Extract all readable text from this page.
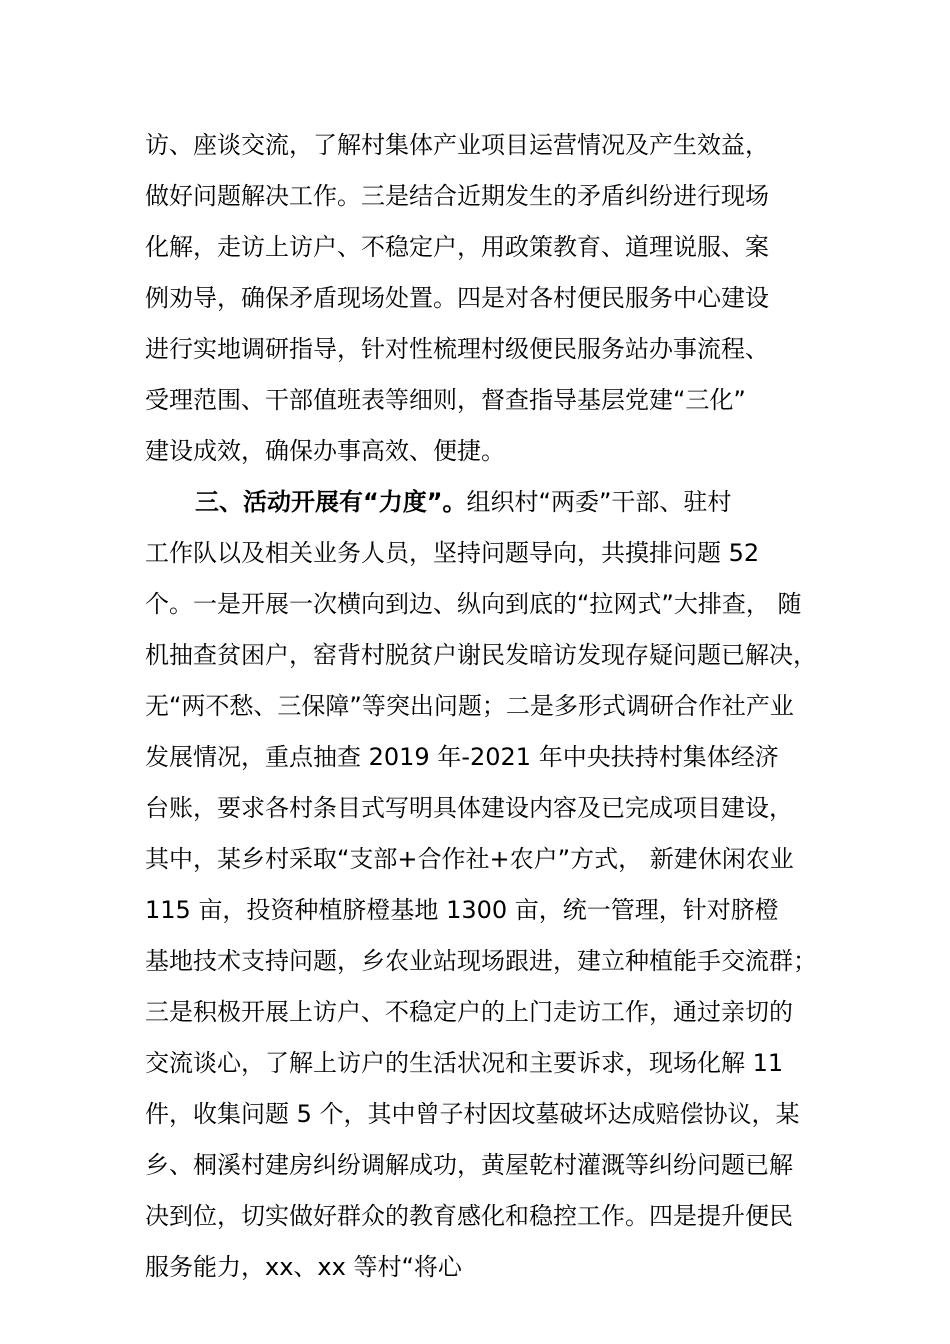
访、座谈交流，了解村集体产业项目运营情况及产生效益，
做好问题解决工作。三是结合近期发生的矛盾纠纷进行现场
化解，走访上访户、不稳定户，用政策教育、道理说服、案
例劝导，确保矛盾现场处置。四是对各村便民服务中心建设
进行实地调研指导，针对性梳理村级便民服务站办事流程、
受理范围、干部值班表等细则，督查指导基层党建“三化”
建设成效，确保办事高效、便捷。
三、活动开展有“力度”。组织村“两委”干部、驻村
工作队以及相关业务人员，坚持问题导向，共摸排问题 52
个。一是开展一次横向到边、纵向到底的“拉网式”大排查， 随
机抽查贫困户，窑背村脱贫户谢民发暗访发现存疑问题已解决，
无“两不愁、三保障”等突出问题；二是多形式调研合作社产业
发展情况，重点抽查 2019 年-2021 年中央扶持村集体经济
台账，要求各村条目式写明具体建设内容及已完成项目建设，
其中，某乡村采取“支部+合作社+农户”方式， 新建休闲农业
115 亩，投资种植脐橙基地 1300 亩，统一管理，针对脐橙
基地技术支持问题，乡农业站现场跟进，建立种植能手交流群；
三是积极开展上访户、不稳定户的上门走访工作，通过亲切的
交流谈心，了解上访户的生活状况和主要诉求，现场化解 11
件，收集问题 5 个，其中曾子村因坟墓破坏达成赔偿协议，某
乡、桐溪村建房纠纷调解成功，黄屋乾村灌溉等纠纷问题已解
决到位，切实做好群众的教育感化和稳控工作。四是提升便民
服务能力，xx、xx 等村“将心
